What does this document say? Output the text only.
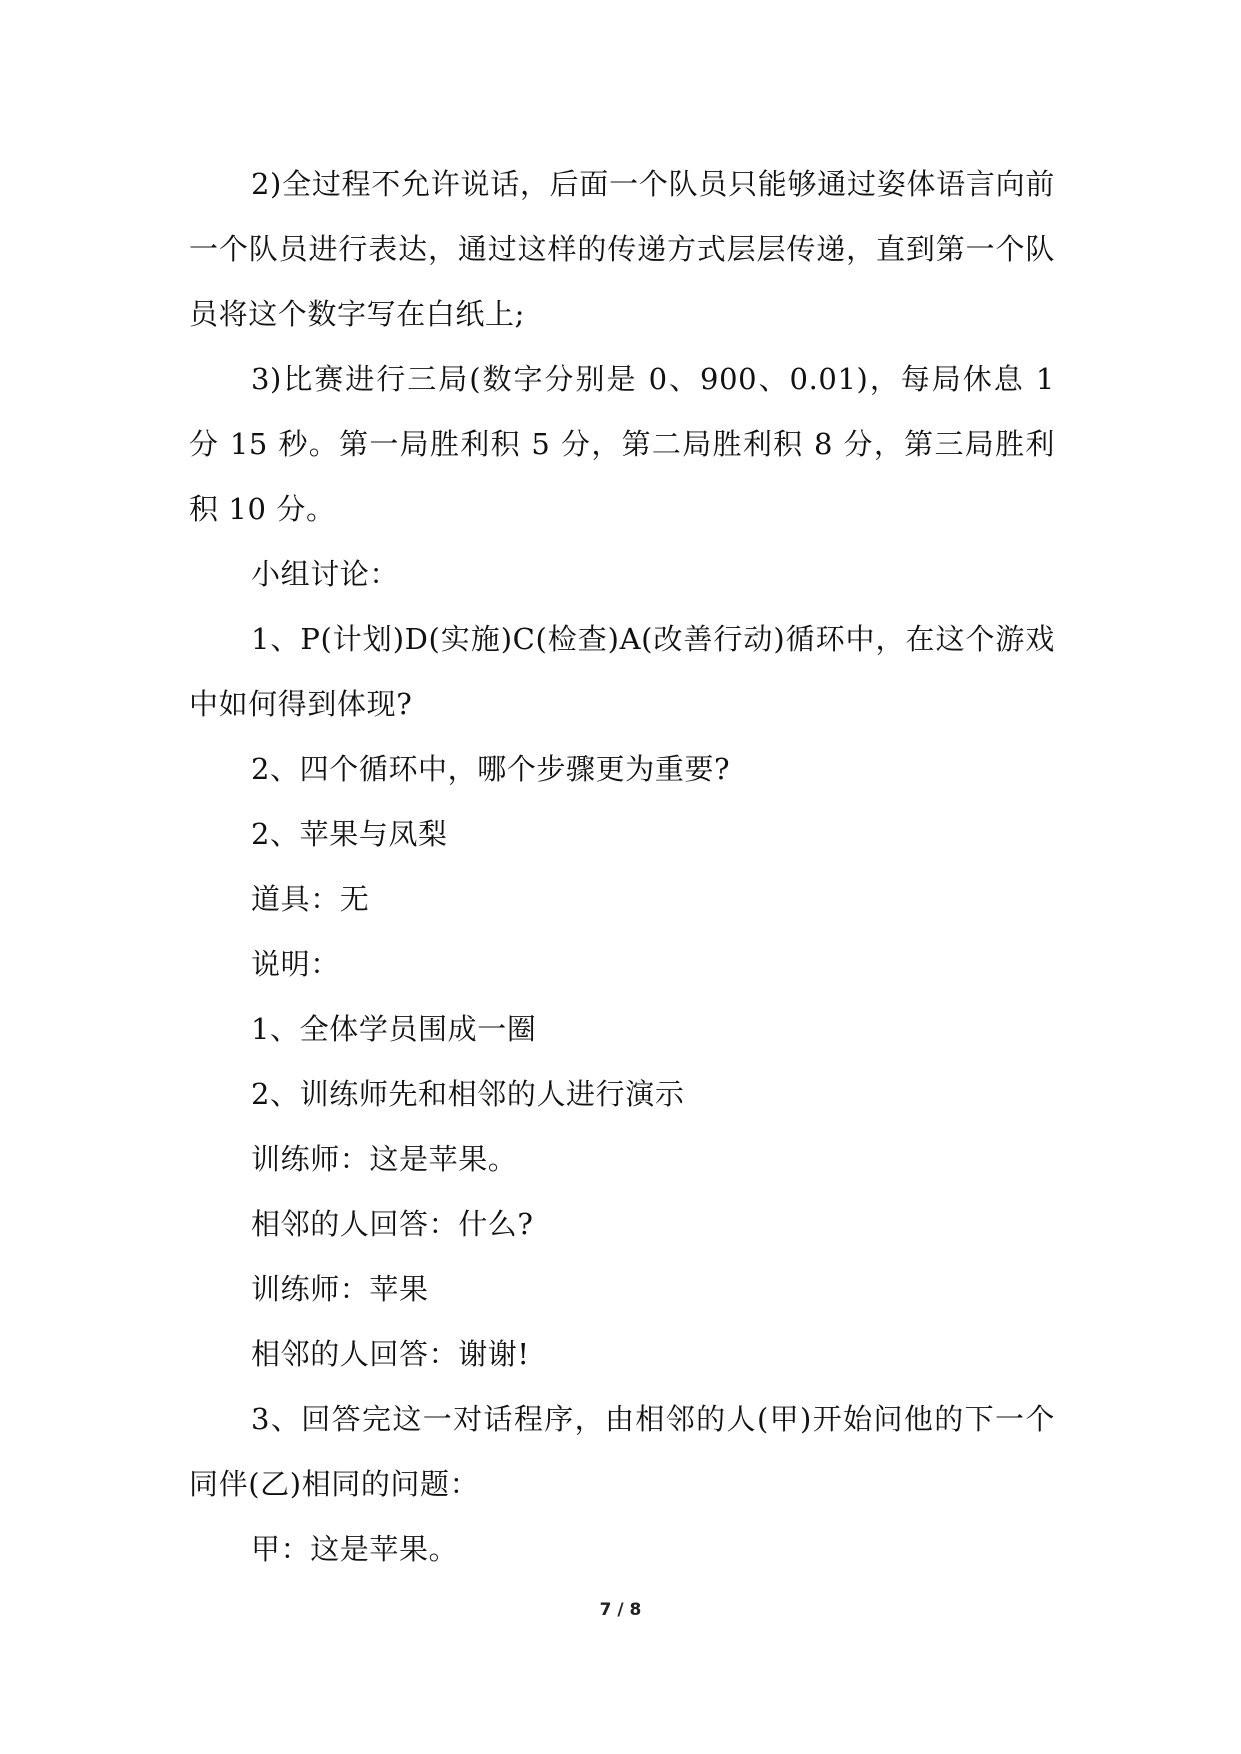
2)全过程不允许说话，后面一个队员只能够通过姿体语言向前一个队员进行表达，通过这样的传递方式层层传递，直到第一个队员将这个数字写在白纸上;

3)比赛进行三局(数字分别是 0、900、0.01)，每局休息 1 分 15 秒。第一局胜利积 5 分，第二局胜利积 8 分，第三局胜利积 10 分。

小组讨论：

1、P(计划)D(实施)C(检查)A(改善行动)循环中，在这个游戏中如何得到体现?

2、四个循环中，哪个步骤更为重要?

2、苹果与凤梨

道具：无

说明：

1、全体学员围成一圈

2、训练师先和相邻的人进行演示

训练师：这是苹果。

相邻的人回答：什么?

训练师：苹果

相邻的人回答：谢谢!

3、回答完这一对话程序，由相邻的人(甲)开始问他的下一个同伴(乙)相同的问题：

甲：这是苹果。

7 / 8
